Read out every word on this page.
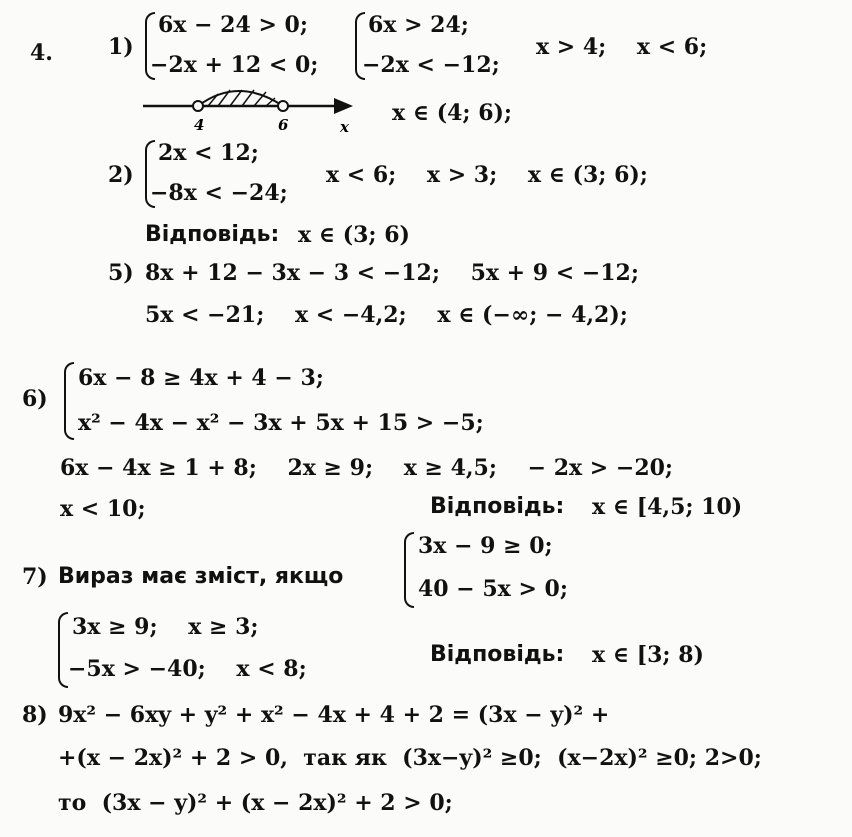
4.	1)
6x − 24 > 0;
−2x + 12 < 0;
6x > 24;
−2x < −12;
x > 4;    x < 6;
4	6	x
x ∈ (4; 6);
2)
2x < 12;
−8x < −24;
x < 6;    x > 3;    x ∈ (3; 6);
Відповідь: x ∈ (3; 6)
5) 8x + 12 − 3x − 3 < −12;    5x + 9 < −12;
5x < −21;    x < −4,2;    x ∈ (−∞; − 4,2);
6)
6x − 8 ≥ 4x + 4 − 3;
x² − 4x − x² − 3x + 5x + 15 > −5;
6x − 4x ≥ 1 + 8;    2x ≥ 9;    x ≥ 4,5;    − 2x > −20;
x < 10;	Відповідь: x ∈ [4,5; 10)
7) Вираз має зміст, якщо
3x − 9 ≥ 0;
40 − 5x > 0;
3x ≥ 9;    x ≥ 3;
−5x > −40;    x < 8;
Відповідь: x ∈ [3; 8)
8) 9x² − 6xy + y² + x² − 4x + 4 + 2 = (3x − y)² +
+(x − 2x)² + 2 > 0,  так як  (3x−y)² ≥0;  (x−2x)² ≥0; 2>0;
то  (3x − y)² + (x − 2x)² + 2 > 0;
